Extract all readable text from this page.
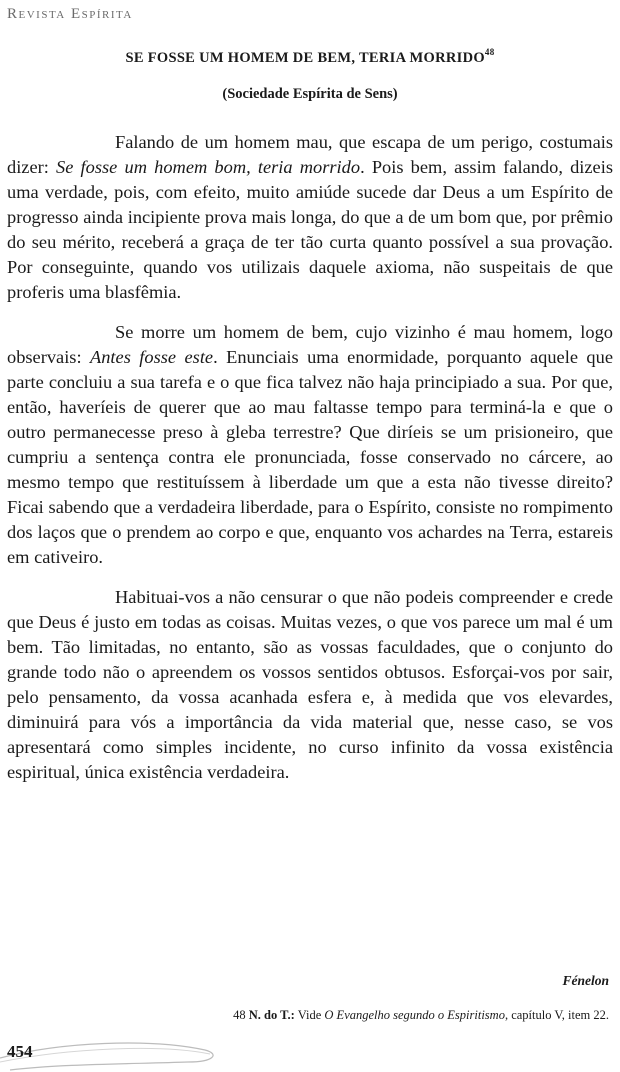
Revista Espírita
SE FOSSE UM HOMEM DE BEM, TERIA MORRIDO$^{48}$
(Sociedade Espírita de Sens)

Falando de um homem mau, que escapa de um perigo, costumais dizer: Se fosse um homem bom, teria morrido. Pois bem, assim falando, dizeis uma verdade, pois, com efeito, muito amiúde sucede dar Deus a um Espírito de progresso ainda incipiente prova mais longa, do que a de um bom que, por prêmio do seu mérito, receberá a graça de ter tão curta quanto possível a sua provação. Por conseguinte, quando vos utilizais daquele axioma, não suspeitais de que proferis uma blasfêmia.

Se morre um homem de bem, cujo vizinho é mau homem, logo observais: Antes fosse este. Enunciais uma enormidade, porquanto aquele que parte concluiu a sua tarefa e o que fica talvez não haja principiado a sua. Por que, então, haveríeis de querer que ao mau faltasse tempo para terminá-la e que o outro permanecesse preso à gleba terrestre? Que diríeis se um prisioneiro, que cumpriu a sentença contra ele pronunciada, fosse conservado no cárcere, ao mesmo tempo que restituíssem à liberdade um que a esta não tivesse direito? Ficai sabendo que a verdadeira liberdade, para o Espírito, consiste no rompimento dos laços que o prendem ao corpo e que, enquanto vos achardes na Terra, estareis em cativeiro.

Habituai-vos a não censurar o que não podeis compreender e crede que Deus é justo em todas as coisas. Muitas vezes, o que vos parece um mal é um bem. Tão limitadas, no entanto, são as vossas faculdades, que o conjunto do grande todo não o apreendem os vossos sentidos obtusos. Esforçai-vos por sair, pelo pensamento, da vossa acanhada esfera e, à medida que vos elevardes, diminuirá para vós a importância da vida material que, nesse caso, se vos apresentará como simples incidente, no curso infinito da vossa existência espiritual, única existência verdadeira.

Fénelon
48 N. do T.: Vide O Evangelho segundo o Espiritismo, capítulo V, item 22.
454
